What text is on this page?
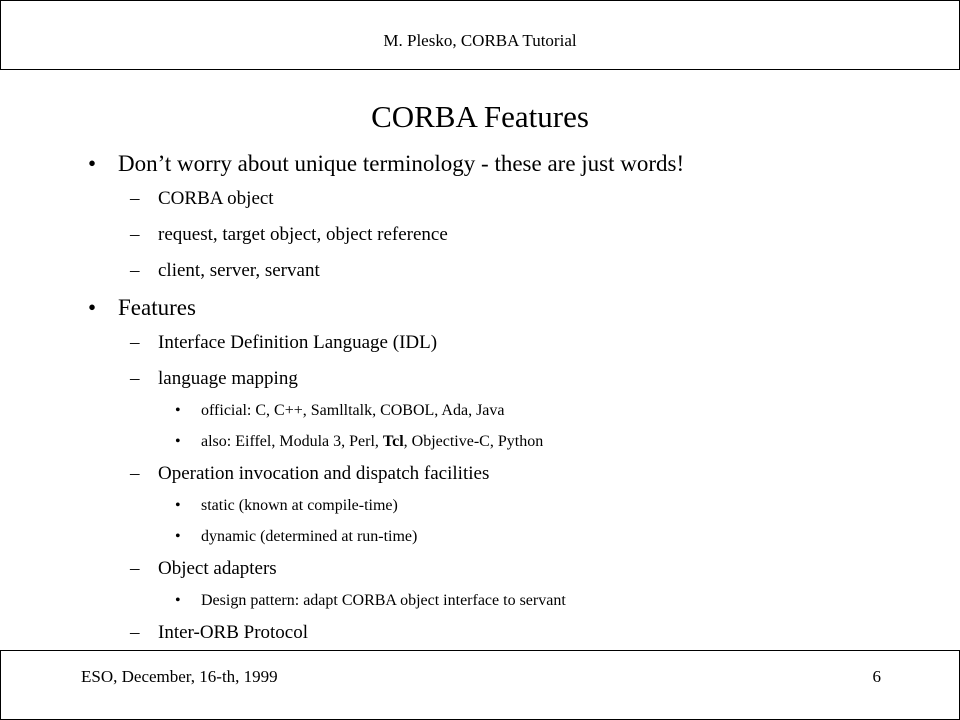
M. Plesko, CORBA Tutorial
CORBA Features
• Don’t worry about unique terminology - these are just words!
– CORBA object
– request, target object, object reference
– client, server, servant
• Features
– Interface Definition Language (IDL)
– language mapping
• official: C, C++, Samlltalk, COBOL, Ada, Java
• also: Eiffel, Modula 3, Perl, Tcl, Objective-C, Python
– Operation invocation and dispatch facilities
• static (known at compile-time)
• dynamic (determined at run-time)
– Object adapters
• Design pattern: adapt CORBA object interface to servant
– Inter-ORB Protocol
ESO, December, 16-th, 1999	6
